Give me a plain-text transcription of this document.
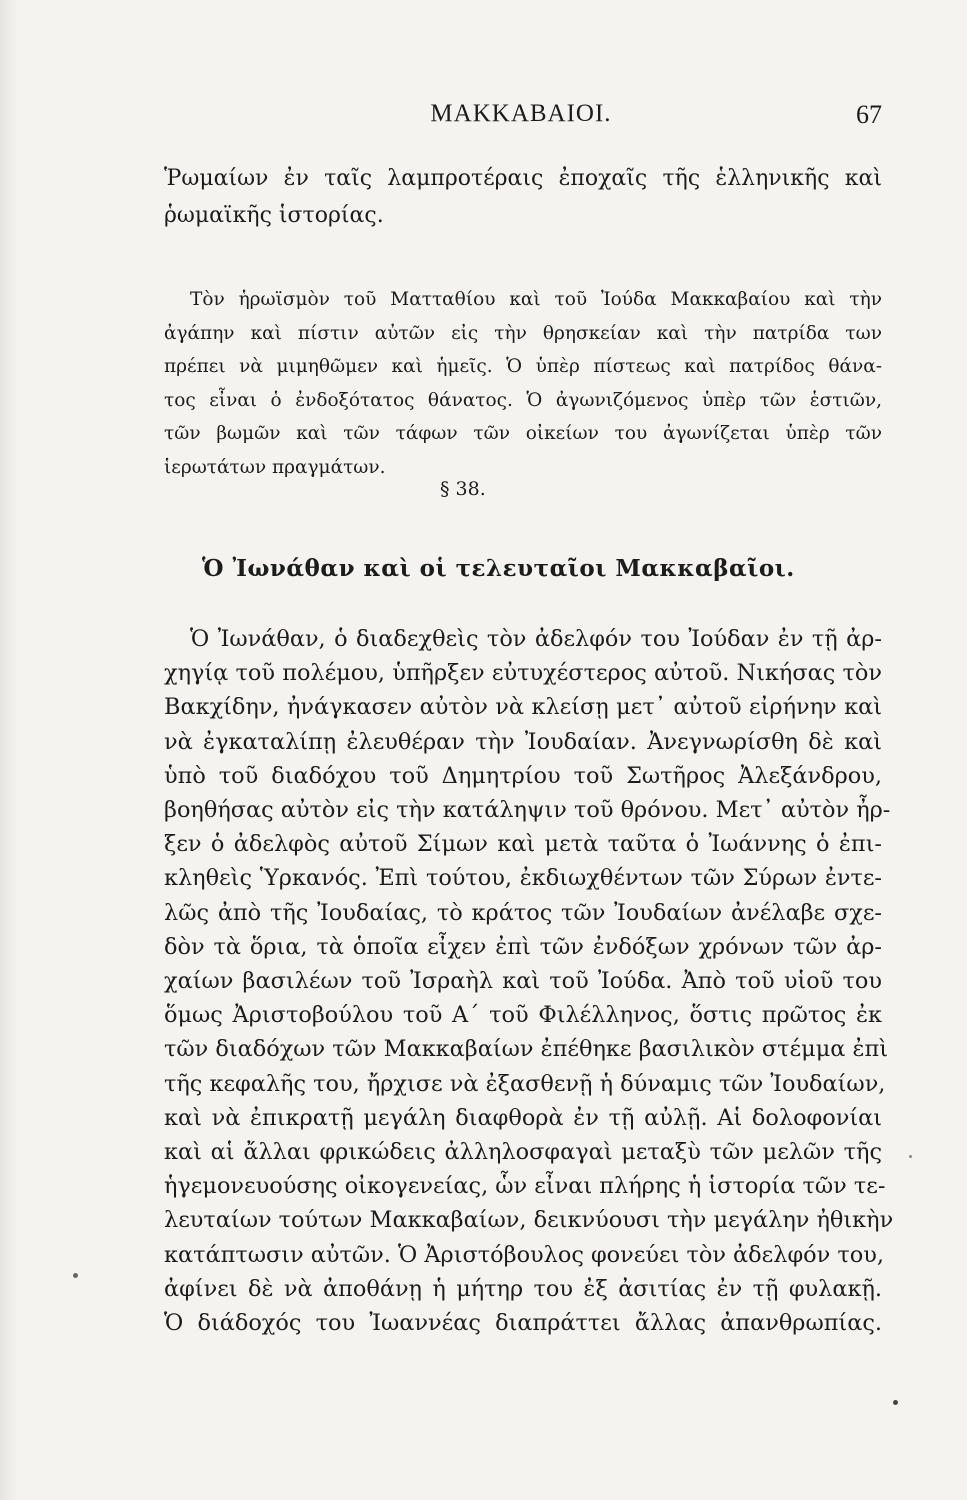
ΜΑΚΚΑΒΑΙΟΙ.	67
Ῥωμαίων ἐν ταῖς λαμπροτέραις ἐποχαῖς τῆς ἑλληνικῆς καὶ
ῥωμαϊκῆς ἱστορίας.
Τὸν ἡρωϊσμὸν τοῦ Ματταθίου καὶ τοῦ Ἰούδα Μακκαβαίου καὶ τὴν
ἀγάπην καὶ πίστιν αὐτῶν εἰς τὴν θρησκείαν καὶ τὴν πατρίδα των
πρέπει νὰ μιμηθῶμεν καὶ ἡμεῖς. Ὁ ὑπὲρ πίστεως καὶ πατρίδος θάνα-
τος εἶναι ὁ ἐνδοξότατος θάνατος. Ὁ ἀγωνιζόμενος ὑπὲρ τῶν ἑστιῶν,
τῶν βωμῶν καὶ τῶν τάφων τῶν οἰκείων του ἀγωνίζεται ὑπὲρ τῶν
ἱερωτάτων πραγμάτων.
§ 38.
Ὁ Ἰωνάθαν καὶ οἱ τελευταῖοι Μακκαβαῖοι.
Ὁ Ἰωνάθαν, ὁ διαδεχθεὶς τὸν ἀδελφόν του Ἰούδαν ἐν τῇ ἀρ-
χηγίᾳ τοῦ πολέμου, ὑπῆρξεν εὐτυχέστερος αὐτοῦ. Νικήσας τὸν
Βακχίδην, ἠνάγκασεν αὐτὸν νὰ κλείσῃ μετ᾽ αὐτοῦ εἰρήνην καὶ
νὰ ἐγκαταλίπῃ ἐλευθέραν τὴν Ἰουδαίαν. Ἀνεγνωρίσθη δὲ καὶ
ὑπὸ τοῦ διαδόχου τοῦ Δημητρίου τοῦ Σωτῆρος Ἀλεξάνδρου,
βοηθήσας αὐτὸν εἰς τὴν κατάληψιν τοῦ θρόνου. Μετ᾽ αὐτὸν ἦρ-
ξεν ὁ ἀδελφὸς αὐτοῦ Σίμων καὶ μετὰ ταῦτα ὁ Ἰωάννης ὁ ἐπι-
κληθεὶς Ὑρκανός. Ἐπὶ τούτου, ἐκδιωχθέντων τῶν Σύρων ἐντε-
λῶς ἀπὸ τῆς Ἰουδαίας, τὸ κράτος τῶν Ἰουδαίων ἀνέλαβε σχε-
δὸν τὰ ὅρια, τὰ ὁποῖα εἶχεν ἐπὶ τῶν ἐνδόξων χρόνων τῶν ἀρ-
χαίων βασιλέων τοῦ Ἰσραὴλ καὶ τοῦ Ἰούδα. Ἀπὸ τοῦ υἱοῦ του
ὅμως Ἀριστοβούλου τοῦ Α΄ τοῦ Φιλέλληνος, ὅστις πρῶτος ἐκ
τῶν διαδόχων τῶν Μακκαβαίων ἐπέθηκε βασιλικὸν στέμμα ἐπὶ
τῆς κεφαλῆς του, ἤρχισε νὰ ἐξασθενῇ ἡ δύναμις τῶν Ἰουδαίων,
καὶ νὰ ἐπικρατῇ μεγάλη διαφθορὰ ἐν τῇ αὐλῇ. Αἱ δολοφονίαι
καὶ αἱ ἄλλαι φρικώδεις ἀλληλοσφαγαὶ μεταξὺ τῶν μελῶν τῆς
ἡγεμονευούσης οἰκογενείας, ὧν εἶναι πλήρης ἡ ἱστορία τῶν τε-
λευταίων τούτων Μακκαβαίων, δεικνύουσι τὴν μεγάλην ἠθικὴν
κατάπτωσιν αὐτῶν. Ὁ Ἀριστόβουλος φονεύει τὸν ἀδελφόν του,
ἀφίνει δὲ νὰ ἀποθάνῃ ἡ μήτηρ του ἐξ ἀσιτίας ἐν τῇ φυλακῇ.
Ὁ διάδοχός του Ἰωαννέας διαπράττει ἄλλας ἀπανθρωπίας.
